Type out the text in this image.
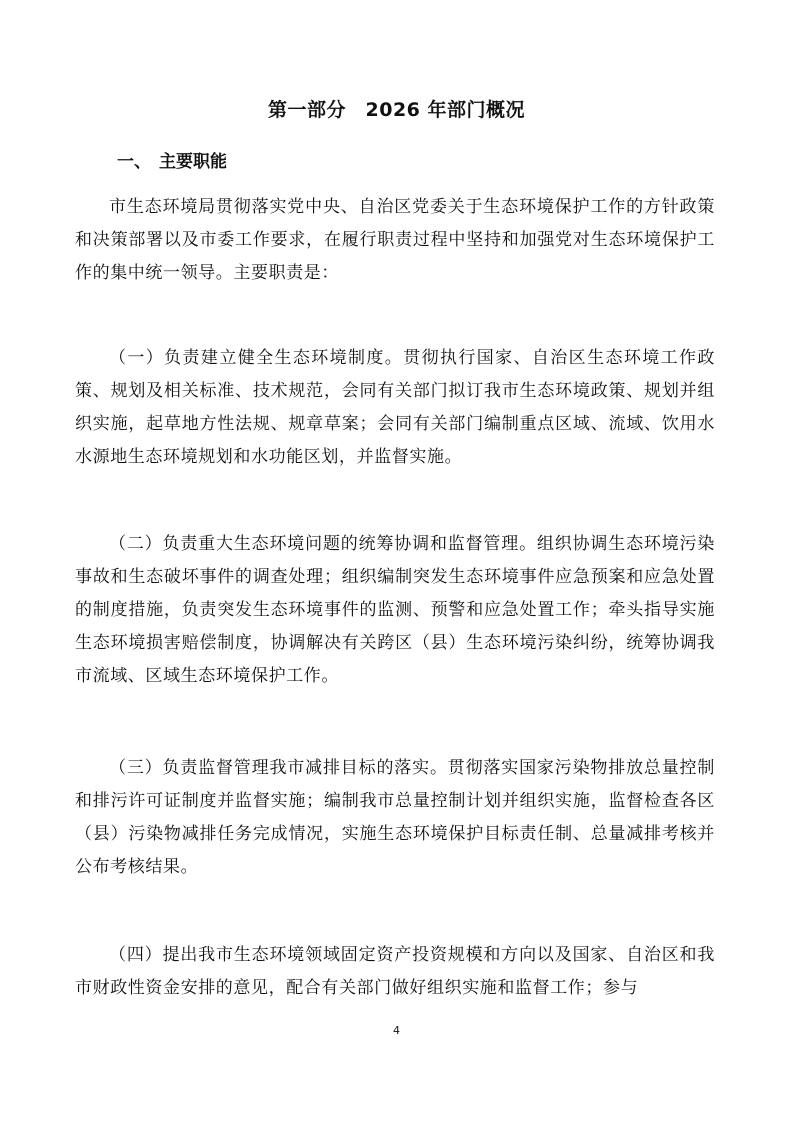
第一部分　2026 年部门概况
一、 主要职能

市生态环境局贯彻落实党中央、自治区党委关于生态环境保护工作的方针政策和决策部署以及市委工作要求，在履行职责过程中坚持和加强党对生态环境保护工作的集中统一领导。主要职责是：

（一）负责建立健全生态环境制度。贯彻执行国家、自治区生态环境工作政策、规划及相关标准、技术规范，会同有关部门拟订我市生态环境政策、规划并组织实施，起草地方性法规、规章草案；会同有关部门编制重点区域、流域、饮用水水源地生态环境规划和水功能区划，并监督实施。

（二）负责重大生态环境问题的统筹协调和监督管理。组织协调生态环境污染事故和生态破坏事件的调查处理；组织编制突发生态环境事件应急预案和应急处置的制度措施，负责突发生态环境事件的监测、预警和应急处置工作；牵头指导实施生态环境损害赔偿制度，协调解决有关跨区（县）生态环境污染纠纷，统筹协调我市流域、区域生态环境保护工作。

（三）负责监督管理我市减排目标的落实。贯彻落实国家污染物排放总量控制和排污许可证制度并监督实施；编制我市总量控制计划并组织实施，监督检查各区（县）污染物减排任务完成情况，实施生态环境保护目标责任制、总量减排考核并公布考核结果。

（四）提出我市生态环境领域固定资产投资规模和方向以及国家、自治区和我市财政性资金安排的意见，配合有关部门做好组织实施和监督工作；参与

4
